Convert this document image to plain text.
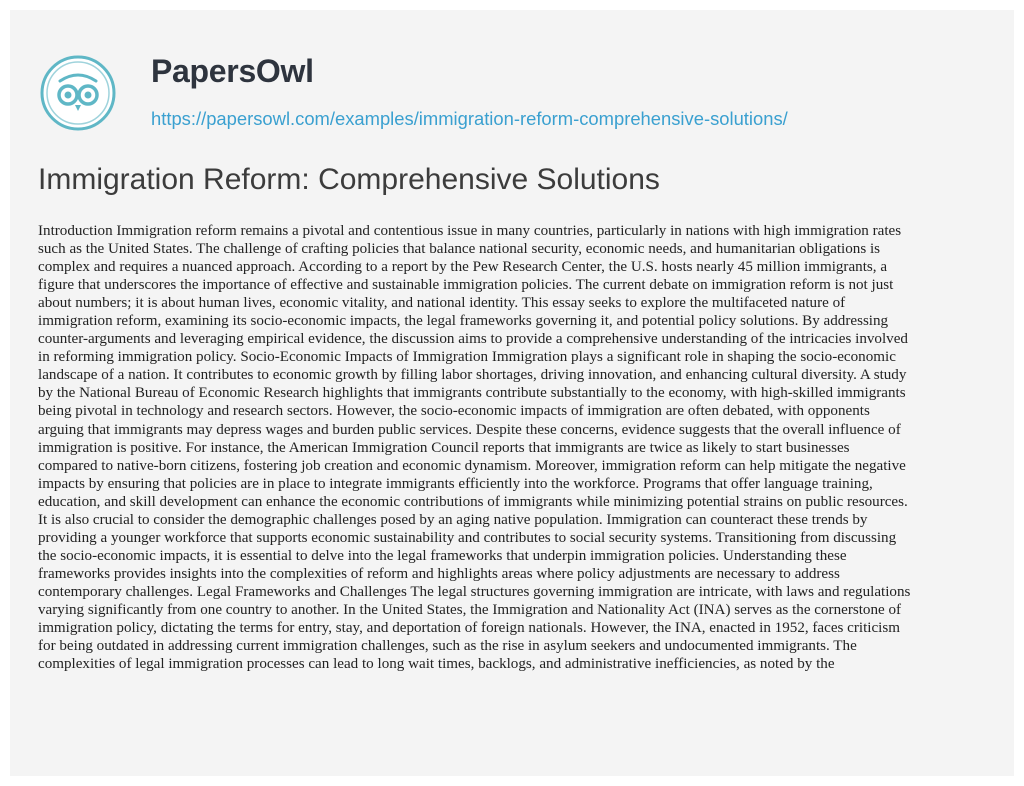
PapersOwl
https://papersowl.com/examples/immigration-reform-comprehensive-solutions/
Immigration Reform: Comprehensive Solutions
Introduction Immigration reform remains a pivotal and contentious issue in many countries, particularly in nations with high immigration rates
such as the United States. The challenge of crafting policies that balance national security, economic needs, and humanitarian obligations is
complex and requires a nuanced approach. According to a report by the Pew Research Center, the U.S. hosts nearly 45 million immigrants, a
figure that underscores the importance of effective and sustainable immigration policies. The current debate on immigration reform is not just
about numbers; it is about human lives, economic vitality, and national identity. This essay seeks to explore the multifaceted nature of
immigration reform, examining its socio-economic impacts, the legal frameworks governing it, and potential policy solutions. By addressing
counter-arguments and leveraging empirical evidence, the discussion aims to provide a comprehensive understanding of the intricacies involved
in reforming immigration policy. Socio-Economic Impacts of Immigration Immigration plays a significant role in shaping the socio-economic
landscape of a nation. It contributes to economic growth by filling labor shortages, driving innovation, and enhancing cultural diversity. A study
by the National Bureau of Economic Research highlights that immigrants contribute substantially to the economy, with high-skilled immigrants
being pivotal in technology and research sectors. However, the socio-economic impacts of immigration are often debated, with opponents
arguing that immigrants may depress wages and burden public services. Despite these concerns, evidence suggests that the overall influence of
immigration is positive. For instance, the American Immigration Council reports that immigrants are twice as likely to start businesses
compared to native-born citizens, fostering job creation and economic dynamism. Moreover, immigration reform can help mitigate the negative
impacts by ensuring that policies are in place to integrate immigrants efficiently into the workforce. Programs that offer language training,
education, and skill development can enhance the economic contributions of immigrants while minimizing potential strains on public resources.
It is also crucial to consider the demographic challenges posed by an aging native population. Immigration can counteract these trends by
providing a younger workforce that supports economic sustainability and contributes to social security systems. Transitioning from discussing
the socio-economic impacts, it is essential to delve into the legal frameworks that underpin immigration policies. Understanding these
frameworks provides insights into the complexities of reform and highlights areas where policy adjustments are necessary to address
contemporary challenges. Legal Frameworks and Challenges The legal structures governing immigration are intricate, with laws and regulations
varying significantly from one country to another. In the United States, the Immigration and Nationality Act (INA) serves as the cornerstone of
immigration policy, dictating the terms for entry, stay, and deportation of foreign nationals. However, the INA, enacted in 1952, faces criticism
for being outdated in addressing current immigration challenges, such as the rise in asylum seekers and undocumented immigrants. The
complexities of legal immigration processes can lead to long wait times, backlogs, and administrative inefficiencies, as noted by the
